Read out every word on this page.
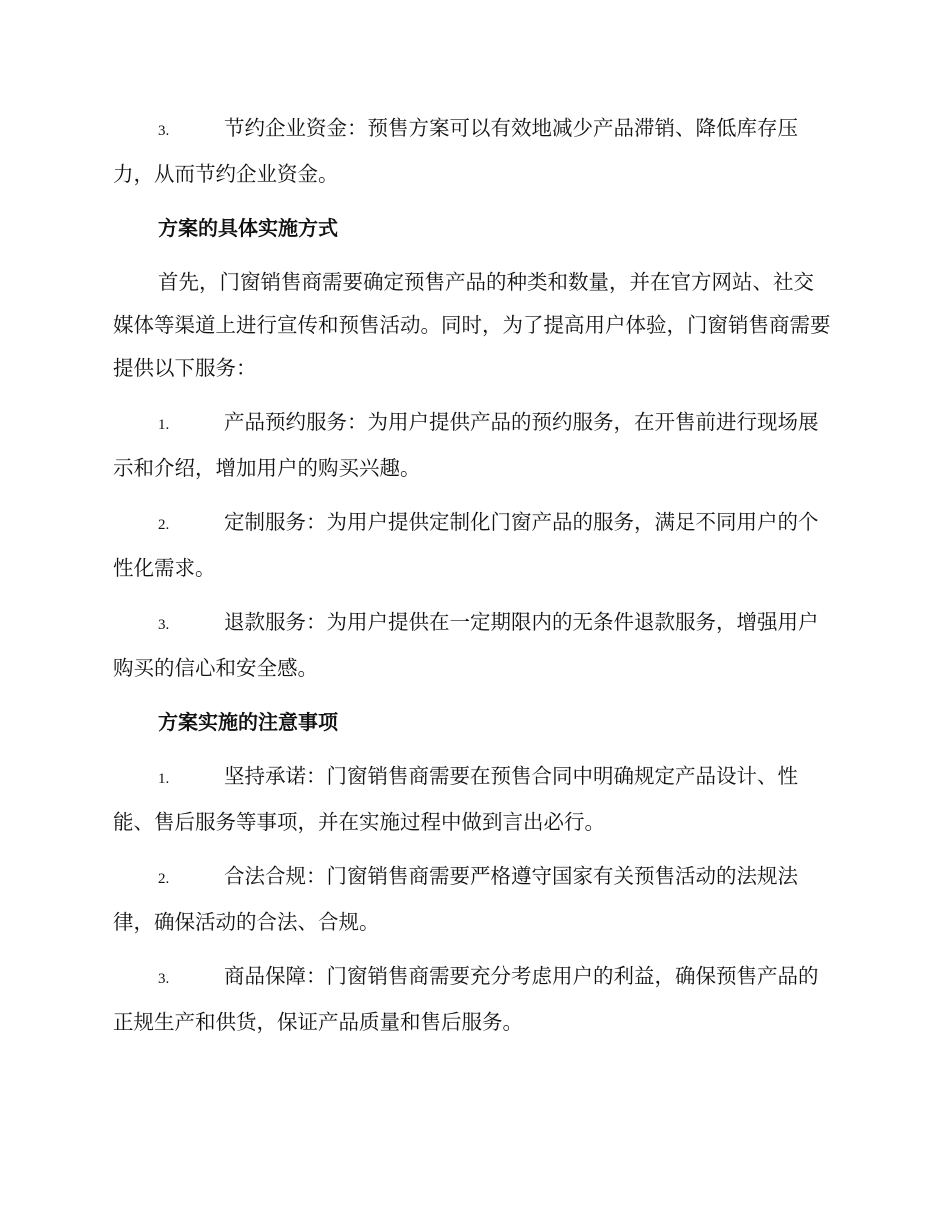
3.	节约企业资金：预售方案可以有效地减少产品滞销、降低库存压力，从而节约企业资金。

方案的具体实施方式

首先，门窗销售商需要确定预售产品的种类和数量，并在官方网站、社交媒体等渠道上进行宣传和预售活动。同时，为了提高用户体验，门窗销售商需要提供以下服务：

1.	产品预约服务：为用户提供产品的预约服务，在开售前进行现场展示和介绍，增加用户的购买兴趣。

2.	定制服务：为用户提供定制化门窗产品的服务，满足不同用户的个性化需求。

3.	退款服务：为用户提供在一定期限内的无条件退款服务，增强用户购买的信心和安全感。

方案实施的注意事项

1.	坚持承诺：门窗销售商需要在预售合同中明确规定产品设计、性能、售后服务等事项，并在实施过程中做到言出必行。

2.	合法合规：门窗销售商需要严格遵守国家有关预售活动的法规法律，确保活动的合法、合规。

3.	商品保障：门窗销售商需要充分考虑用户的利益，确保预售产品的正规生产和供货，保证产品质量和售后服务。
